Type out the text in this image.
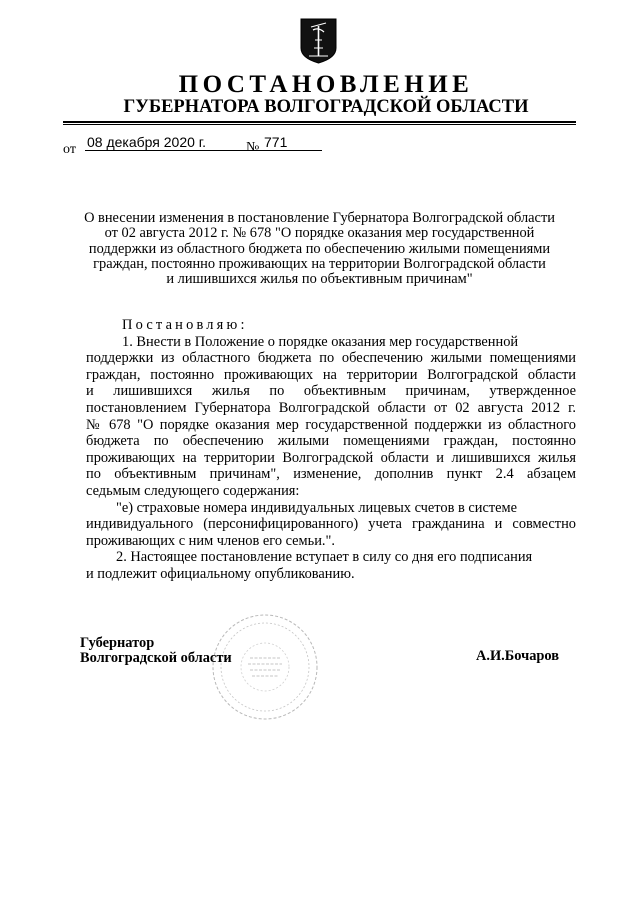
ПОСТАНОВЛЕНИЕ
ГУБЕРНАТОРА ВОЛГОГРАДСКОЙ ОБЛАСТИ
от 08 декабря 2020 г.	№ 771
О внесении изменения в постановление Губернатора Волгоградской области
от 02 августа 2012 г. № 678 "О порядке оказания мер государственной
поддержки из областного бюджета по обеспечению жилыми помещениями
граждан, постоянно проживающих на территории Волгоградской области
и лишившихся жилья по объективным причинам"
Постановляю:
1. Внести в Положение о порядке оказания мер государственной
поддержки из областного бюджета по обеспечению жилыми помещениями
граждан, постоянно проживающих на территории Волгоградской области
и лишившихся жилья по объективным причинам, утвержденное
постановлением Губернатора Волгоградской области от 02 августа 2012 г.
№ 678 "О порядке оказания мер государственной поддержки из областного
бюджета по обеспечению жилыми помещениями граждан, постоянно
проживающих на территории Волгоградской области и лишившихся жилья
по объективным причинам", изменение, дополнив пункт 2.4 абзацем
седьмым следующего содержания:
"е) страховые номера индивидуальных лицевых счетов в системе
индивидуального (персонифицированного) учета гражданина и совместно
проживающих с ним членов его семьи.".
2. Настоящее постановление вступает в силу со дня его подписания
и подлежит официальному опубликованию.
Губернатор
Волгоградской области	А.И.Бочаров
